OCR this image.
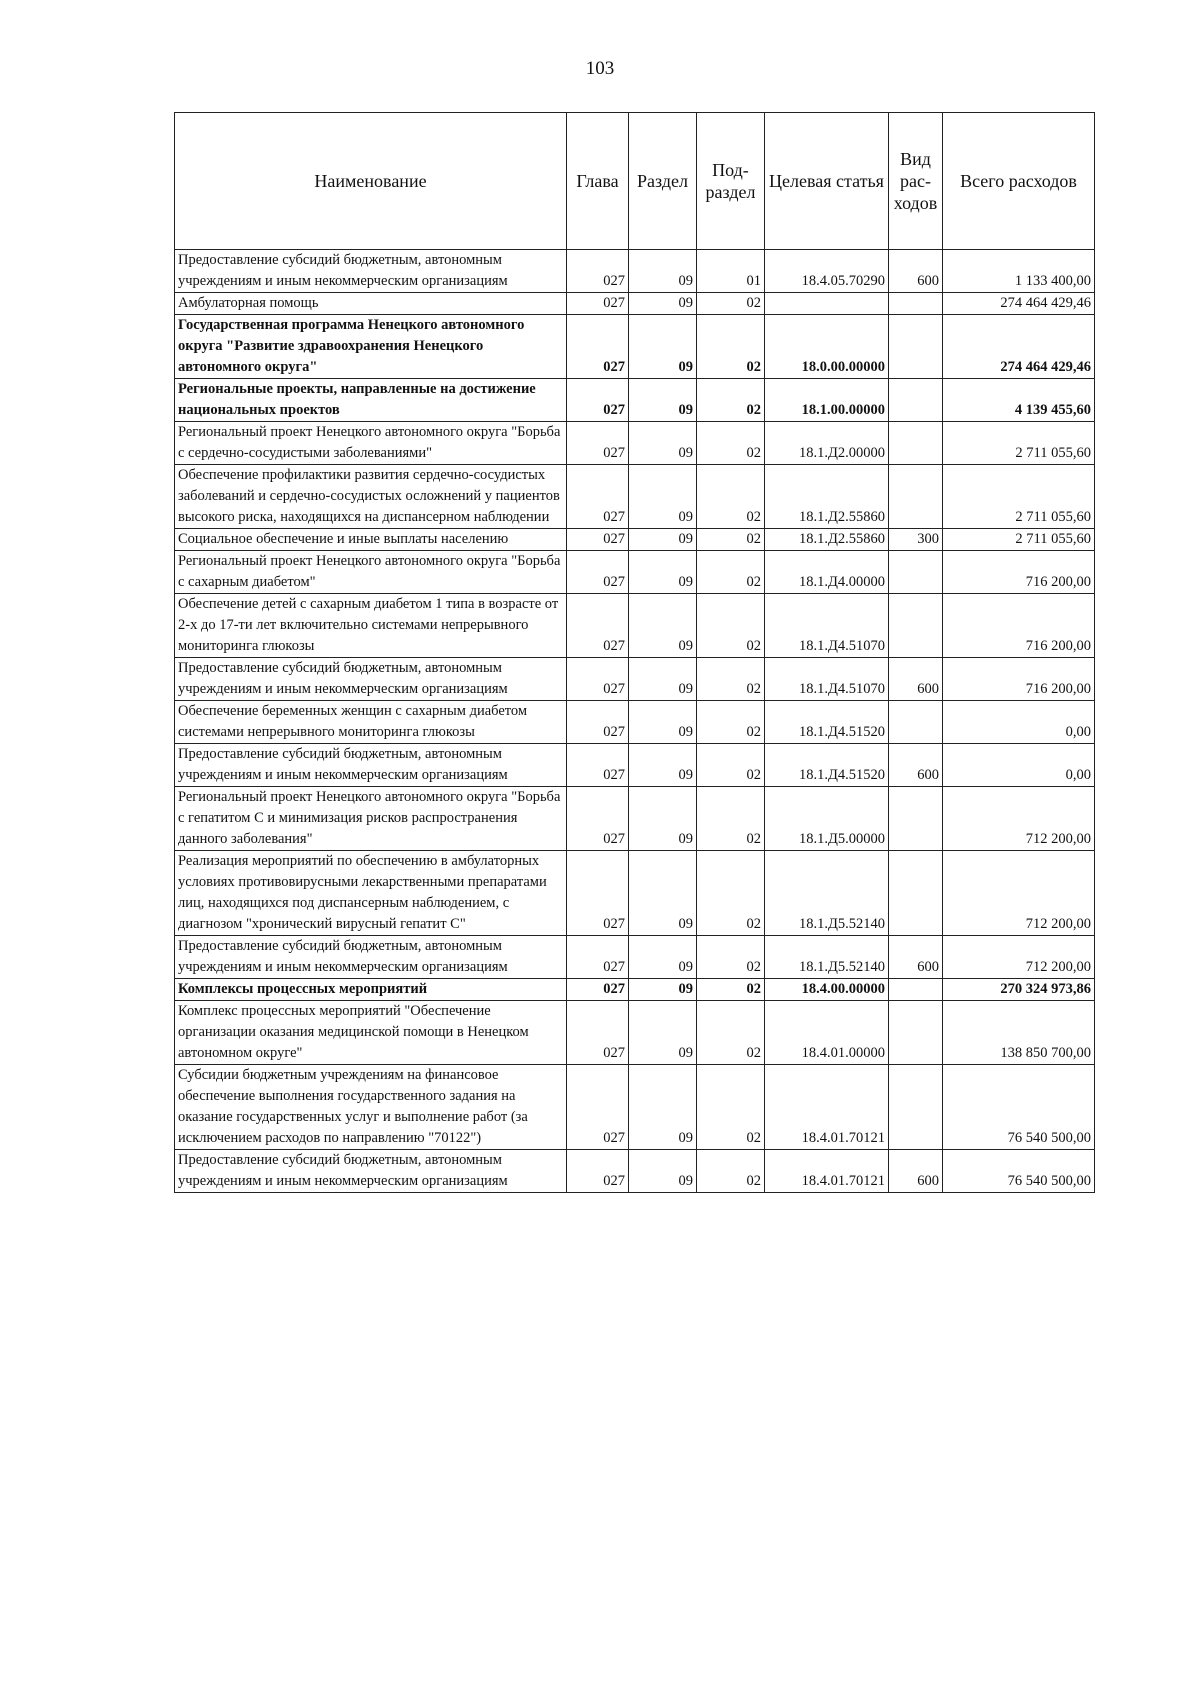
103
Наименование	Глава	Раздел	Под-раздел	Целевая статья	Вид рас-ходов	Всего расходов
Предоставление субсидий бюджетным, автономным учреждениям и иным некоммерческим организациям	027	09	01	18.4.05.70290	600	1 133 400,00
Амбулаторная помощь	027	09	02			274 464 429,46
Государственная программа Ненецкого автономного округа "Развитие здравоохранения Ненецкого автономного округа"	027	09	02	18.0.00.00000		274 464 429,46
Региональные проекты, направленные на достижение национальных проектов	027	09	02	18.1.00.00000		4 139 455,60
Региональный проект Ненецкого автономного округа "Борьба с сердечно-сосудистыми заболеваниями"	027	09	02	18.1.Д2.00000		2 711 055,60
Обеспечение профилактики развития сердечно-сосудистых заболеваний и сердечно-сосудистых осложнений у пациентов высокого риска, находящихся на диспансерном наблюдении	027	09	02	18.1.Д2.55860		2 711 055,60
Социальное обеспечение и иные выплаты населению	027	09	02	18.1.Д2.55860	300	2 711 055,60
Региональный проект Ненецкого автономного округа "Борьба с сахарным диабетом"	027	09	02	18.1.Д4.00000		716 200,00
Обеспечение детей с сахарным диабетом 1 типа в возрасте от 2-х до 17-ти лет включительно системами непрерывного мониторинга глюкозы	027	09	02	18.1.Д4.51070		716 200,00
Предоставление субсидий бюджетным, автономным учреждениям и иным некоммерческим организациям	027	09	02	18.1.Д4.51070	600	716 200,00
Обеспечение беременных женщин с сахарным диабетом системами непрерывного мониторинга глюкозы	027	09	02	18.1.Д4.51520		0,00
Предоставление субсидий бюджетным, автономным учреждениям и иным некоммерческим организациям	027	09	02	18.1.Д4.51520	600	0,00
Региональный проект Ненецкого автономного округа "Борьба с гепатитом С и минимизация рисков распространения данного заболевания"	027	09	02	18.1.Д5.00000		712 200,00
Реализация мероприятий по обеспечению в амбулаторных условиях противовирусными лекарственными препаратами лиц, находящихся под диспансерным наблюдением, с диагнозом "хронический вирусный гепатит С"	027	09	02	18.1.Д5.52140		712 200,00
Предоставление субсидий бюджетным, автономным учреждениям и иным некоммерческим организациям	027	09	02	18.1.Д5.52140	600	712 200,00
Комплексы процессных мероприятий	027	09	02	18.4.00.00000		270 324 973,86
Комплекс процессных мероприятий "Обеспечение организации оказания медицинской помощи в Ненецком автономном округе"	027	09	02	18.4.01.00000		138 850 700,00
Субсидии бюджетным учреждениям на финансовое обеспечение выполнения государственного задания на оказание государственных услуг и выполнение работ (за исключением расходов по направлению "70122")	027	09	02	18.4.01.70121		76 540 500,00
Предоставление субсидий бюджетным, автономным учреждениям и иным некоммерческим организациям	027	09	02	18.4.01.70121	600	76 540 500,00
